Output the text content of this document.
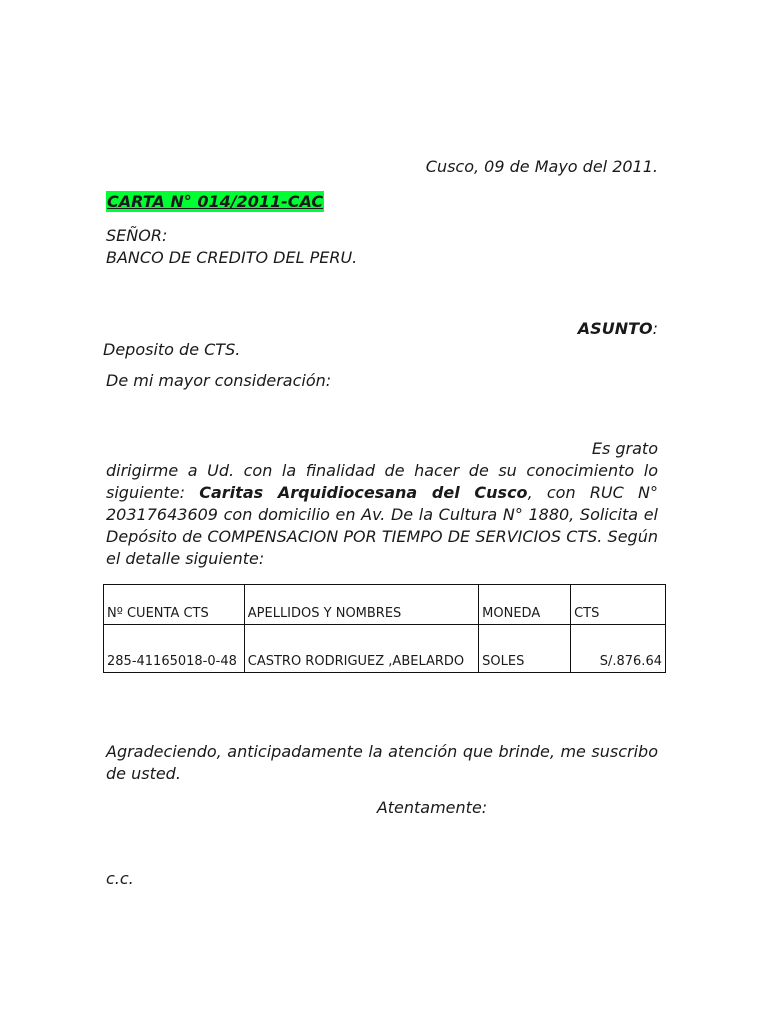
Cusco, 09 de Mayo del 2011.

CARTA N° 014/2011-CAC

SEÑOR:

BANCO DE CREDITO DEL PERU.

ASUNTO:

Deposito de CTS.

De mi mayor consideración:

Es grato
dirigirme a Ud. con la finalidad de hacer de su conocimiento lo siguiente: Caritas Arquidiocesana del Cusco, con RUC N° 20317643609 con domicilio en Av. De la Cultura N° 1880, Solicita el Depósito de COMPENSACION POR TIEMPO DE SERVICIOS CTS. Según el detalle siguiente:

Nº CUENTA CTS	APELLIDOS Y NOMBRES	MONEDA	CTS
285-41165018-0-48	CASTRO RODRIGUEZ ,ABELARDO	SOLES	S/.876.64

Agradeciendo, anticipadamente la atención que brinde, me suscribo de usted.

Atentamente:

c.c.
